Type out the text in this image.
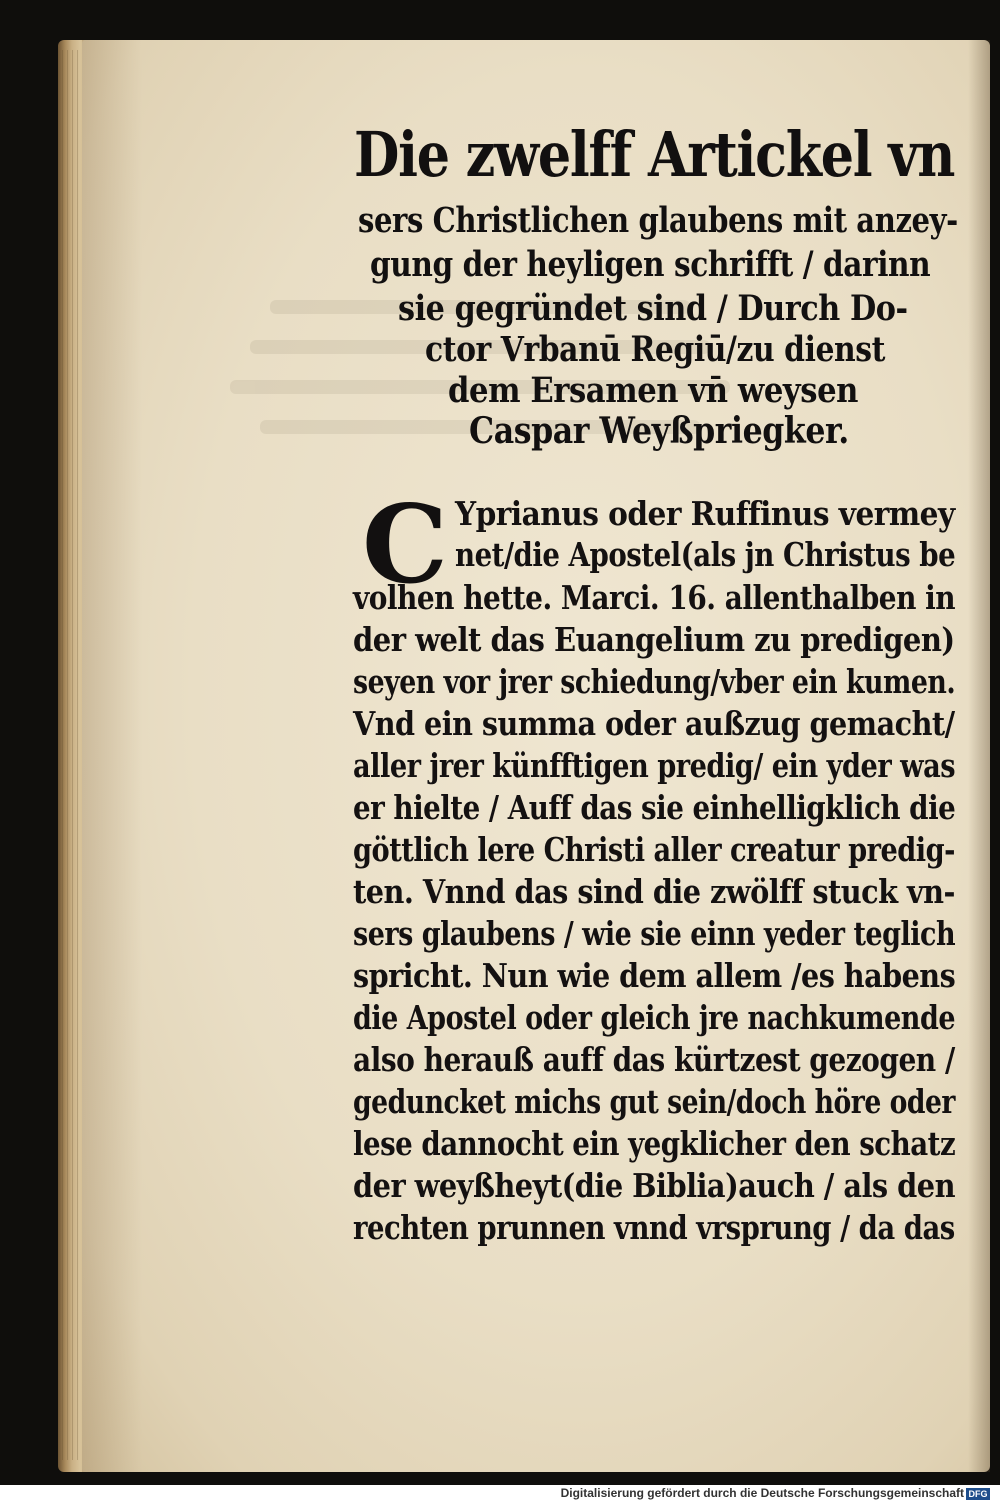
Die zwelff Artickel vn
sers Christlichen glaubens mit anzey-
gung der heyligen schrifft / darinn
sie gegründet sind / Durch Do-
ctor Vrbanū Regiū/zu dienst
dem Ersamen vn̄ weysen
Caspar Weyßpriegker.
C Yprianus oder Ruffinus vermey
net/die Apostel(als jn Christus be
volhen hette. Marci. 16. allenthalben in
der welt das Euangelium zu predigen)
seyen vor jrer schiedung/vber ein kumen.
Vnd ein summa oder außzug gemacht/
aller jrer künfftigen predig/ ein yder was
er hielte / Auff das sie einhelligklich die
göttlich lere Christi aller creatur predig-
ten. Vnnd das sind die zwölff stuck vn-
sers glaubens / wie sie einn yeder teglich
spricht. Nun wie dem allem /es habens
die Apostel oder gleich jre nachkumende
also herauß auff das kürtzest gezogen /
geduncket michs gut sein/doch höre oder
lese dannocht ein yegklicher den schatz
der weyßheyt(die Biblia)auch / als den
rechten prunnen vnnd vrsprung / da das
Digitalisierung gefördert durch die Deutsche Forschungsgemeinschaft DFG
